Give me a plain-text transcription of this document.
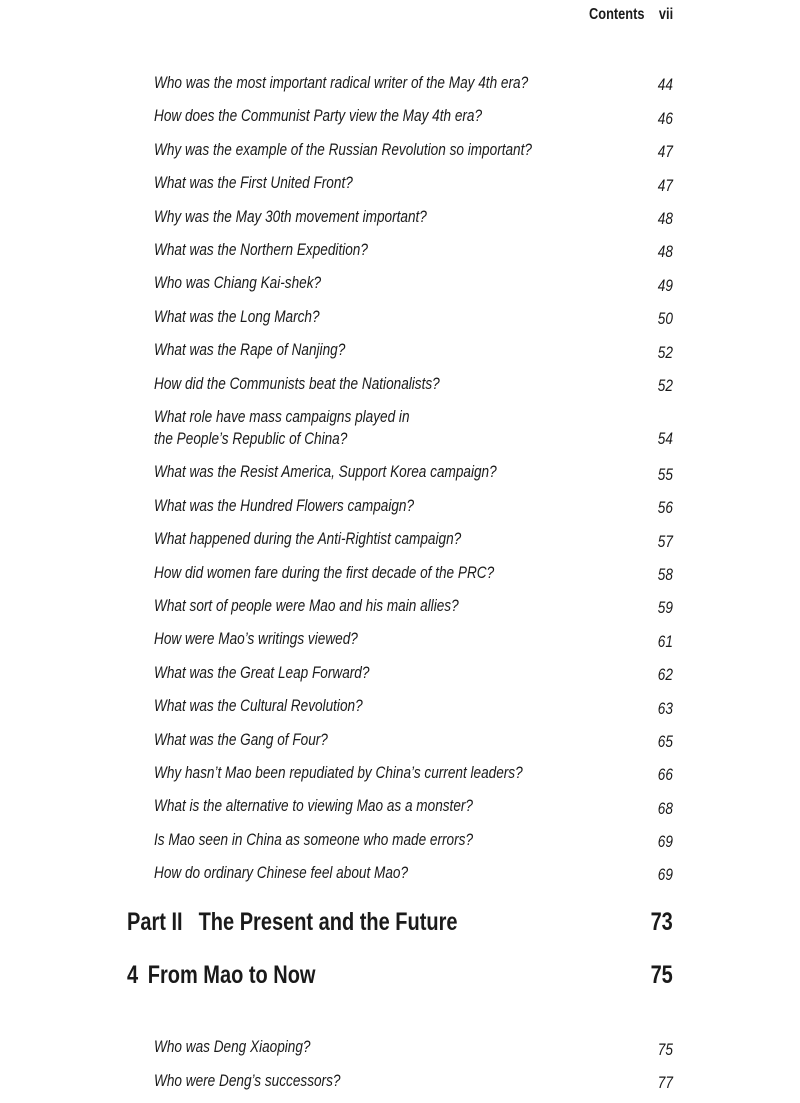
Contents vii
Who was the most important radical writer of the May 4th era?	44
How does the Communist Party view the May 4th era?	46
Why was the example of the Russian Revolution so important?	47
What was the First United Front?	47
Why was the May 30th movement important?	48
What was the Northern Expedition?	48
Who was Chiang Kai-shek?	49
What was the Long March?	50
What was the Rape of Nanjing?	52
How did the Communists beat the Nationalists?	52
What role have mass campaigns played in
the People’s Republic of China?	54
What was the Resist America, Support Korea campaign?	55
What was the Hundred Flowers campaign?	56
What happened during the Anti-Rightist campaign?	57
How did women fare during the first decade of the PRC?	58
What sort of people were Mao and his main allies?	59
How were Mao’s writings viewed?	61
What was the Great Leap Forward?	62
What was the Cultural Revolution?	63
What was the Gang of Four?	65
Why hasn’t Mao been repudiated by China’s current leaders?	66
What is the alternative to viewing Mao as a monster?	68
Is Mao seen in China as someone who made errors?	69
How do ordinary Chinese feel about Mao?	69
Part II The Present and the Future	73
4 From Mao to Now	75
Who was Deng Xiaoping?	75
Who were Deng’s successors?	77
